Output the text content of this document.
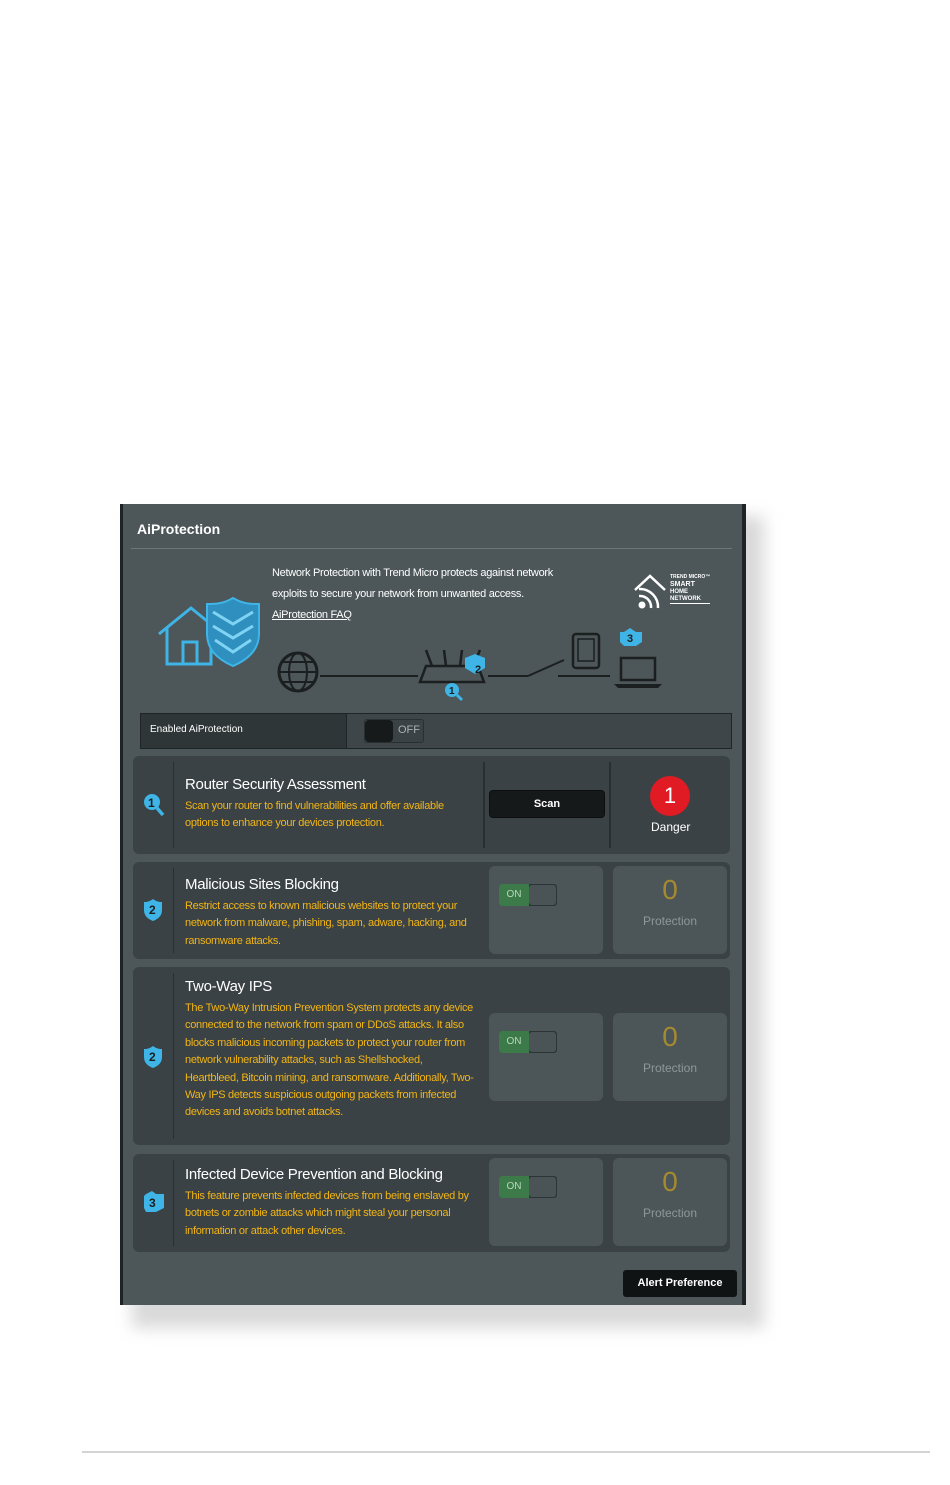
AiProtection
Network Protection with Trend Micro protects against network
exploits to secure your network from unwanted access.
AiProtection FAQ
TREND MICRO™
SMART
HOME
NETWORK
2
1
3
Enabled AiProtection	OFF
1
Router Security Assessment
Scan your router to find vulnerabilities and offer available options to enhance your devices protection.
Scan	1
Danger
2
Malicious Sites Blocking
Restrict access to known malicious websites to protect your network from malware, phishing, spam, adware, hacking, and ransomware attacks.
ON	0
Protection
2
Two-Way IPS
The Two-Way Intrusion Prevention System protects any device connected to the network from spam or DDoS attacks. It also blocks malicious incoming packets to protect your router from network vulnerability attacks, such as Shellshocked, Heartbleed, Bitcoin mining, and ransomware. Additionally, Two-Way IPS detects suspicious outgoing packets from infected devices and avoids botnet attacks.
ON	0
Protection
3
Infected Device Prevention and Blocking
This feature prevents infected devices from being enslaved by botnets or zombie attacks which might steal your personal information or attack other devices.
ON	0
Protection
Alert Preference
